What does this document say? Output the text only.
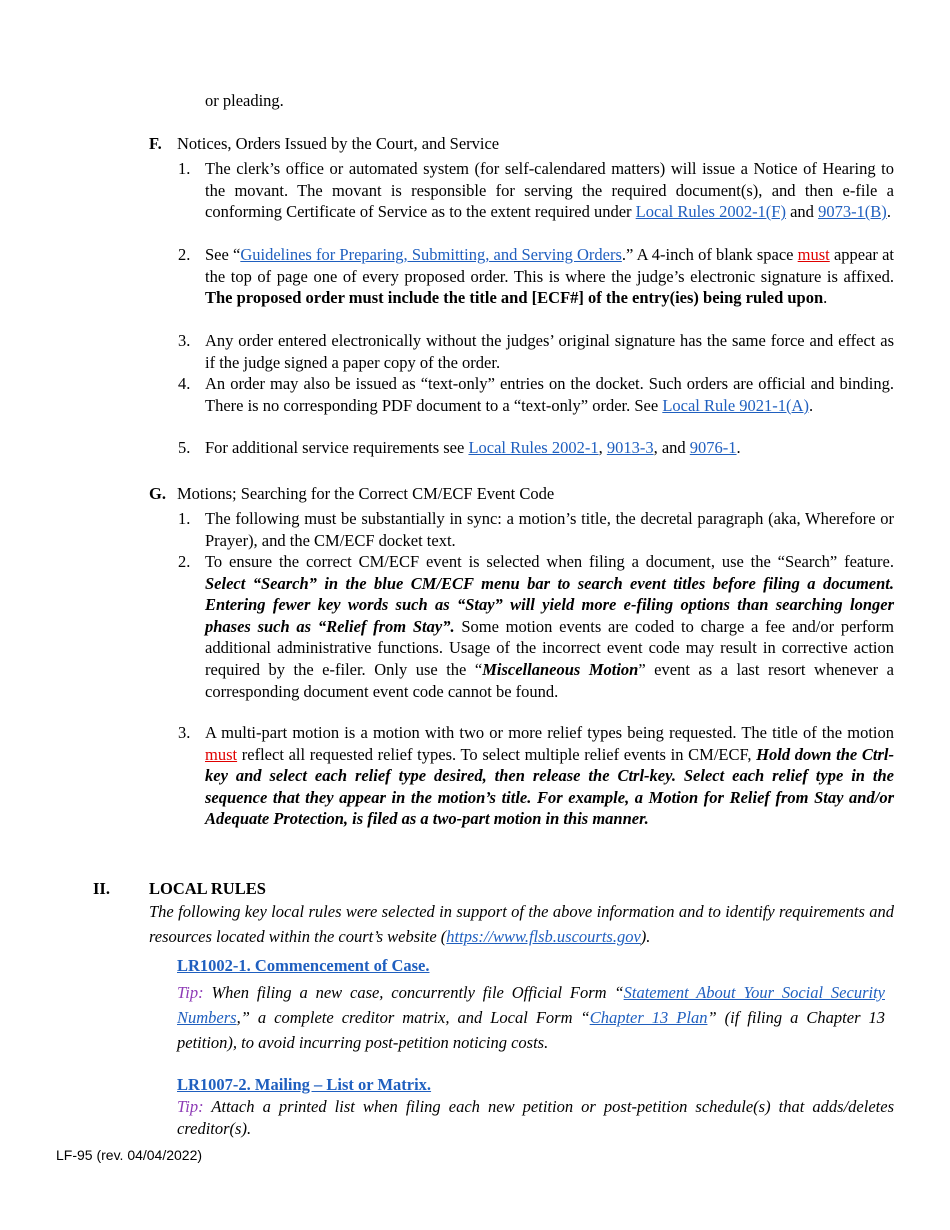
or pleading.
F. Notices, Orders Issued by the Court, and Service
1. The clerk’s office or automated system (for self-calendared matters) will issue a Notice of Hearing to the movant. The movant is responsible for serving the required document(s), and then e-file a conforming Certificate of Service as to the extent required under Local Rules 2002-1(F) and 9073-1(B).
2. See “Guidelines for Preparing, Submitting, and Serving Orders.” A 4-inch of blank space must appear at the top of page one of every proposed order. This is where the judge’s electronic signature is affixed. The proposed order must include the title and [ECF#] of the entry(ies) being ruled upon.
3. Any order entered electronically without the judges’ original signature has the same force and effect as if the judge signed a paper copy of the order.
4. An order may also be issued as “text-only” entries on the docket. Such orders are official and binding. There is no corresponding PDF document to a “text-only” order. See Local Rule 9021-1(A).
5. For additional service requirements see Local Rules 2002-1, 9013-3, and 9076-1.
G. Motions; Searching for the Correct CM/ECF Event Code
1. The following must be substantially in sync: a motion’s title, the decretal paragraph (aka, Wherefore or Prayer), and the CM/ECF docket text.
2. To ensure the correct CM/ECF event is selected when filing a document, use the “Search” feature. Select “Search” in the blue CM/ECF menu bar to search event titles before filing a document. Entering fewer key words such as “Stay” will yield more e-filing options than searching longer phases such as “Relief from Stay”. Some motion events are coded to charge a fee and/or perform additional administrative functions. Usage of the incorrect event code may result in corrective action required by the e-filer. Only use the “Miscellaneous Motion” event as a last resort whenever a corresponding document event code cannot be found.
3. A multi-part motion is a motion with two or more relief types being requested. The title of the motion must reflect all requested relief types. To select multiple relief events in CM/ECF, Hold down the Ctrl-key and select each relief type desired, then release the Ctrl-key. Select each relief type in the sequence that they appear in the motion’s title. For example, a Motion for Relief from Stay and/or Adequate Protection, is filed as a two-part motion in this manner.
II. LOCAL RULES
The following key local rules were selected in support of the above information and to identify requirements and resources located within the court’s website (https://www.flsb.uscourts.gov).
LR1002-1. Commencement of Case.
Tip: When filing a new case, concurrently file Official Form “Statement About Your Social Security Numbers,” a complete creditor matrix, and Local Form “Chapter 13 Plan” (if filing a Chapter 13 petition), to avoid incurring post-petition noticing costs.
LR1007-2. Mailing – List or Matrix.
Tip: Attach a printed list when filing each new petition or post-petition schedule(s) that adds/deletes creditor(s).
LF-95 (rev. 04/04/2022)
